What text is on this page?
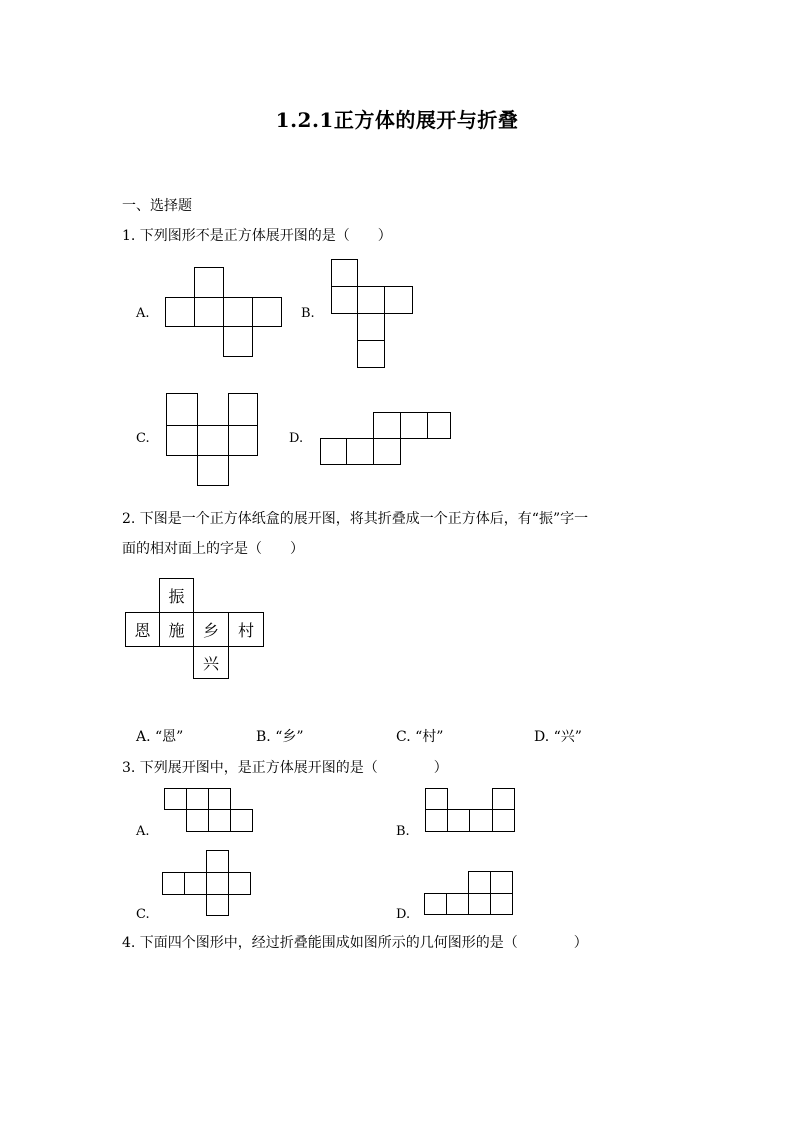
1.2.1正方体的展开与折叠
一、选择题
1. 下列图形不是正方体展开图的是（　　）
A.	B.
C.	D.
2. 下图是一个正方体纸盒的展开图，将其折叠成一个正方体后，有“振”字一
面的相对面上的字是（　　）
振
恩	施	乡	村
兴
A. “恩”	B. “乡”	C. “村”	D. “兴”
3. 下列展开图中，是正方体展开图的是（　　　　）
A.	B.
C.	D.
4. 下面四个图形中，经过折叠能围成如图所示的几何图形的是（　　　　）
